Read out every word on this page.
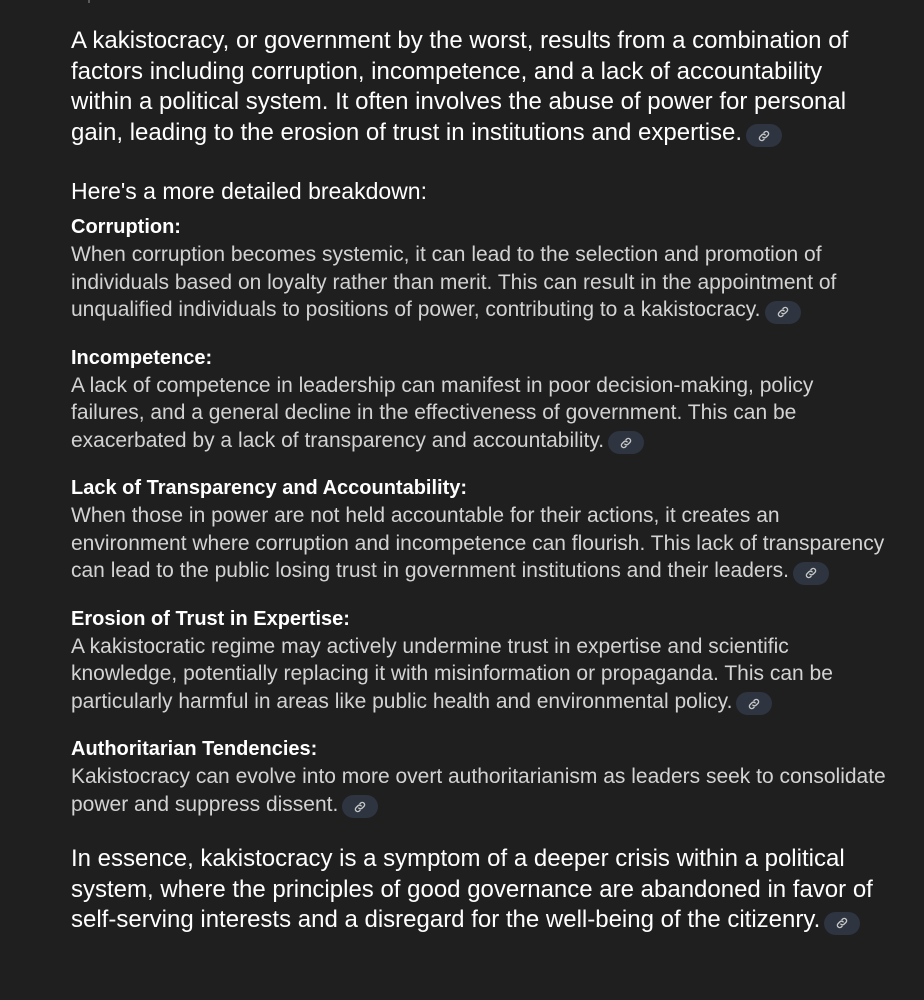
A kakistocracy, or government by the worst, results from a combination of factors including corruption, incompetence, and a lack of accountability within a political system. It often involves the abuse of power for personal gain, leading to the erosion of trust in institutions and expertise.

Here's a more detailed breakdown:
Corruption:

When corruption becomes systemic, it can lead to the selection and promotion of individuals based on loyalty rather than merit. This can result in the appointment of unqualified individuals to positions of power, contributing to a kakistocracy.

Incompetence:

A lack of competence in leadership can manifest in poor decision-making, policy failures, and a general decline in the effectiveness of government. This can be exacerbated by a lack of transparency and accountability.

Lack of Transparency and Accountability:

When those in power are not held accountable for their actions, it creates an environment where corruption and incompetence can flourish. This lack of transparency can lead to the public losing trust in government institutions and their leaders.

Erosion of Trust in Expertise:

A kakistocratic regime may actively undermine trust in expertise and scientific knowledge, potentially replacing it with misinformation or propaganda. This can be particularly harmful in areas like public health and environmental policy.

Authoritarian Tendencies:

Kakistocracy can evolve into more overt authoritarianism as leaders seek to consolidate power and suppress dissent.

In essence, kakistocracy is a symptom of a deeper crisis within a political system, where the principles of good governance are abandoned in favor of self-serving interests and a disregard for the well-being of the citizenry.
